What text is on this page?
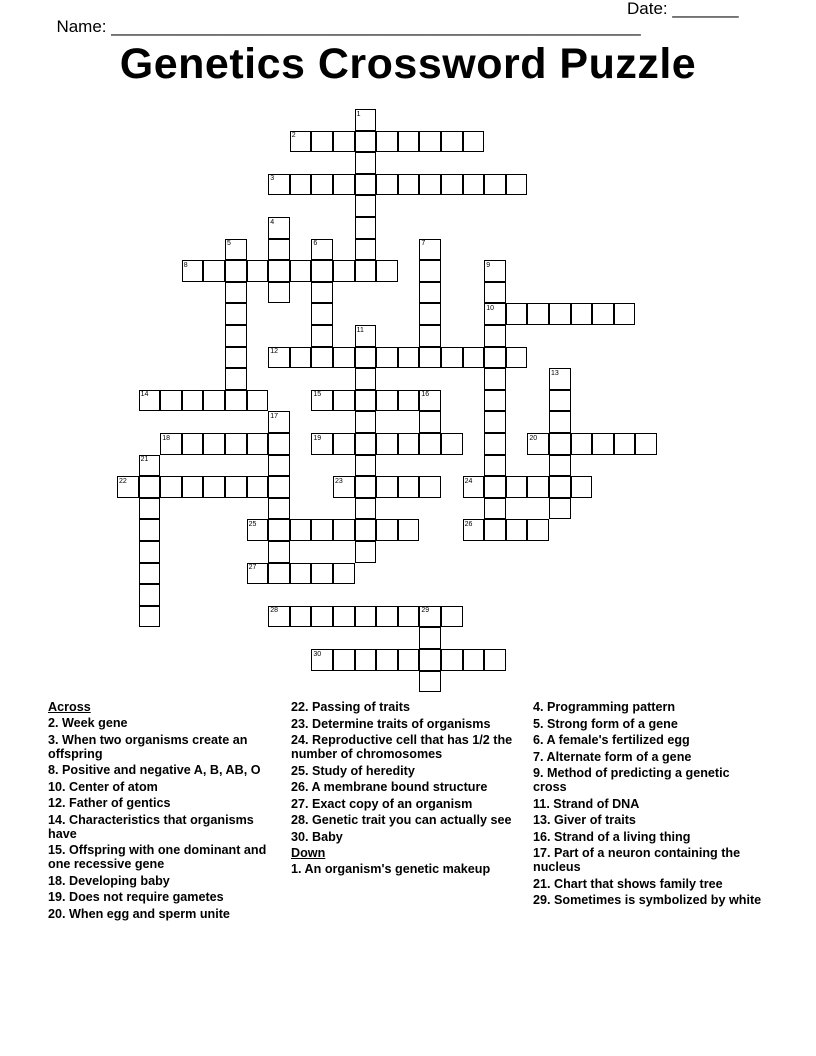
Name: ________________________________________________________

Date: _______

Genetics Crossword Puzzle
2
3
8
10
12
14	15
18	19	20
22	23	24
25	26
27
28
30
1
4
5	6	7
9
11
13
16
17
21
29
Across
2. Week gene
3. When two organisms create an offspring
8. Positive and negative A, B, AB, O
10. Center of atom
12. Father of gentics
14. Characteristics that organisms have
15. Offspring with one dominant and one recessive gene
18. Developing baby
19. Does not require gametes
20. When egg and sperm unite
22. Passing of traits
23. Determine traits of organisms
24. Reproductive cell that has 1/2 the number of chromosomes
25. Study of heredity
26. A membrane bound structure
27. Exact copy of an organism
28. Genetic trait you can actually see
30. Baby
Down
1. An organism's genetic makeup
4. Programming pattern
5. Strong form of a gene
6. A female's fertilized egg
7. Alternate form of a gene
9. Method of predicting a genetic cross
11. Strand of DNA
13. Giver of traits
16. Strand of a living thing
17. Part of a neuron containing the nucleus
21. Chart that shows family tree
29. Sometimes is symbolized by white
